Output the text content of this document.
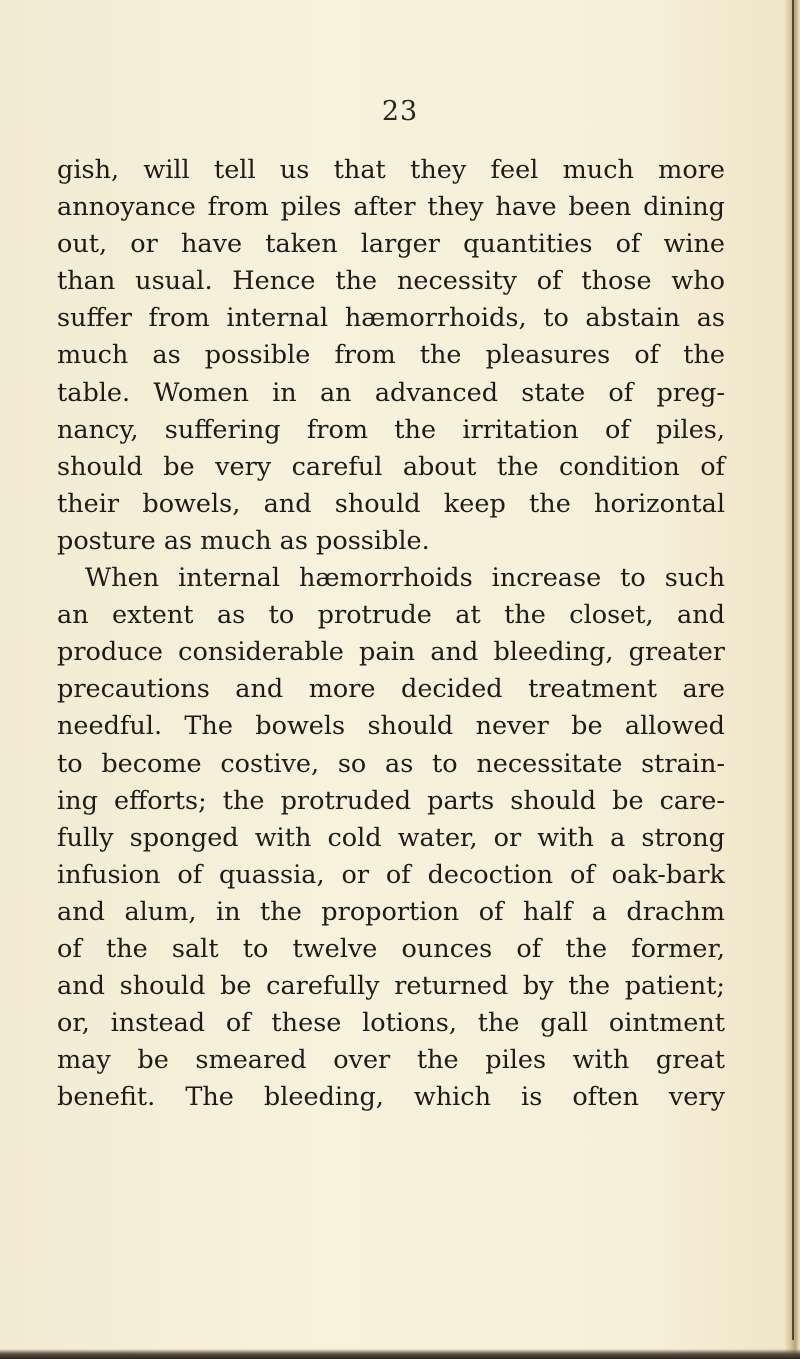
23
gish, will tell us that they feel much more
annoyance from piles after they have been dining
out, or have taken larger quantities of wine
than usual. Hence the necessity of those who
suffer from internal hæmorrhoids, to abstain as
much as possible from the pleasures of the
table. Women in an advanced state of preg-
nancy, suffering from the irritation of piles,
should be very careful about the condition of
their bowels, and should keep the horizontal
posture as much as possible.
When internal hæmorrhoids increase to such
an extent as to protrude at the closet, and
produce considerable pain and bleeding, greater
precautions and more decided treatment are
needful. The bowels should never be allowed
to become costive, so as to necessitate strain-
ing efforts; the protruded parts should be care-
fully sponged with cold water, or with a strong
infusion of quassia, or of decoction of oak-bark
and alum, in the proportion of half a drachm
of the salt to twelve ounces of the former,
and should be carefully returned by the patient;
or, instead of these lotions, the gall ointment
may be smeared over the piles with great
benefit. The bleeding, which is often very
